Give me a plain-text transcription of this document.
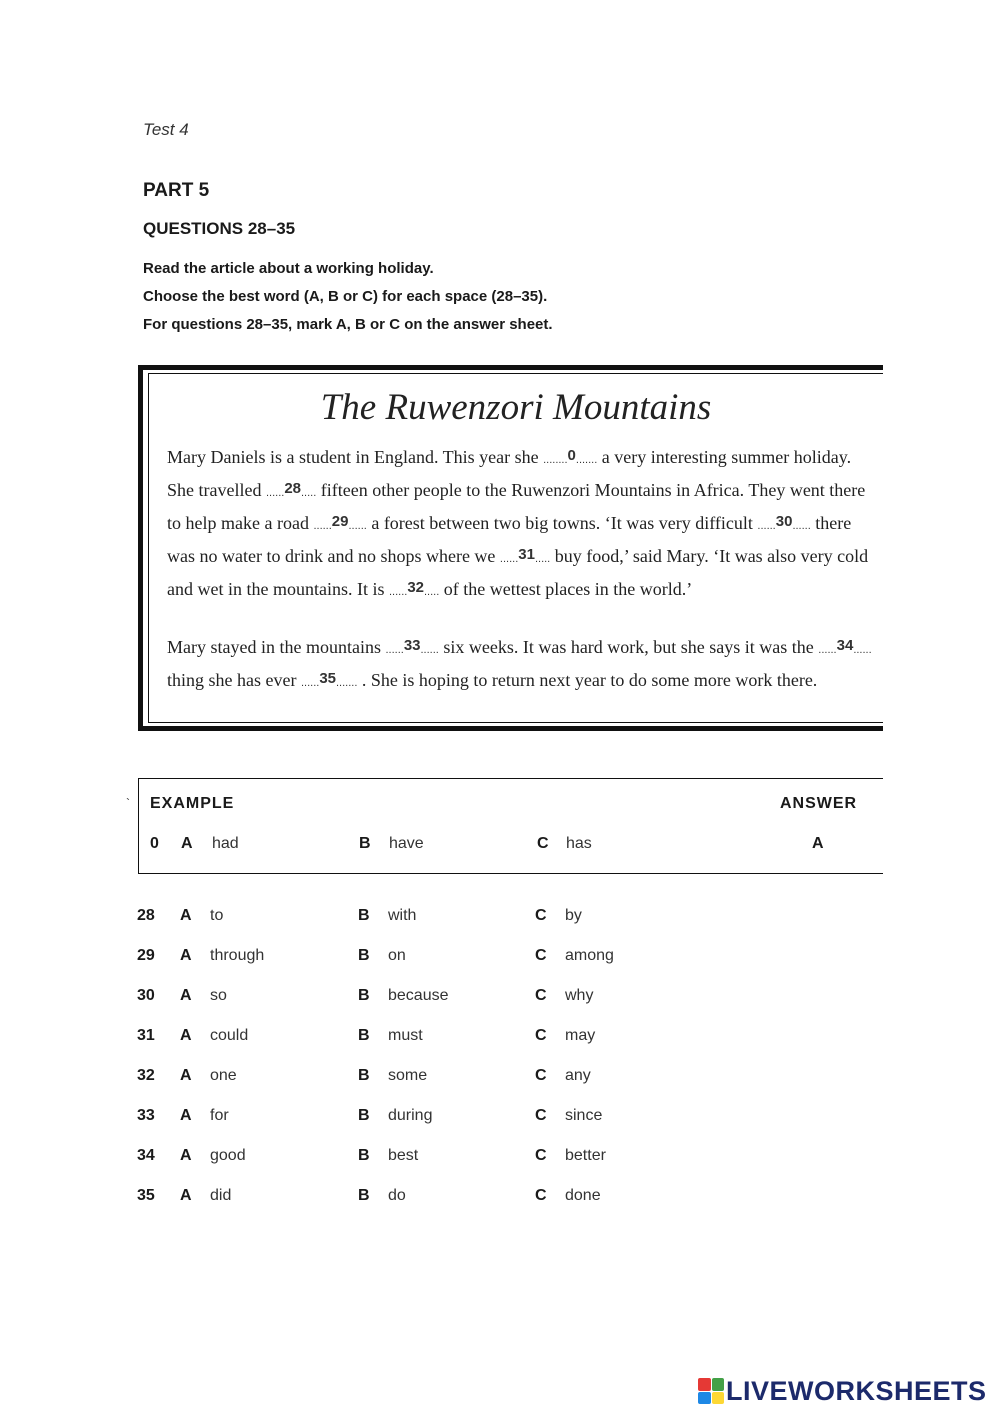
Test 4
PART 5
QUESTIONS 28–35
Read the article about a working holiday.
Choose the best word (A, B or C) for each space (28–35).
For questions 28–35, mark A, B or C on the answer sheet.
The Ruwenzori Mountains
Mary Daniels is a student in England. This year she ........0....... a very interesting summer holiday. She travelled ......28..... fifteen other people to the Ruwenzori Mountains in Africa. They went there to help make a road ......29...... a forest between two big towns. ‘It was very difficult ......30...... there was no water to drink and no shops where we ......31..... buy food,’ said Mary. ‘It was also very cold and wet in the mountains. It is ......32..... of the wettest places in the world.’
Mary stayed in the mountains ......33...... six weeks. It was hard work, but she says it was the ......34...... thing she has ever ......35....... . She is hoping to return next year to do some more work there.
` EXAMPLE	ANSWER
0 A had	B have	C has	A
28 A to	B with	C by
29 A through	B on	C among
30 A so	B because	C why
31 A could	B must	C may
32 A one	B some	C any
33 A for	B during	C since
34 A good	B best	C better
35 A did	B do	C done
LIVEWORKSHEETS
